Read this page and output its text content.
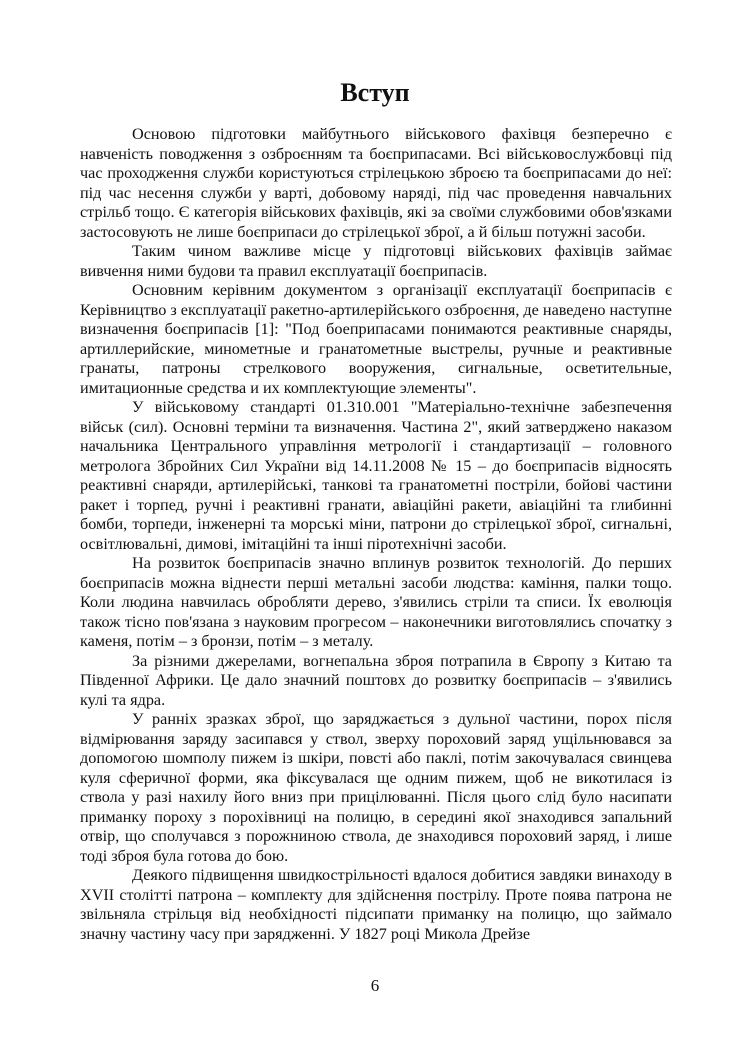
Вступ

Основою підготовки майбутнього військового фахівця безперечно є навченість поводження з озброєнням та боєприпасами. Всі військовослужбовці під час проходження служби користуються стрілецькою зброєю та боєприпасами до неї: під час несення служби у варті, добовому наряді, під час проведення навчальних стрільб тощо. Є категорія військових фахівців, які за своїми службовими обов'язками застосовують не лише боєприпаси до стрілецької зброї, а й більш потужні засоби.

Таким чином важливе місце у підготовці військових фахівців займає вивчення ними будови та правил експлуатації боєприпасів.

Основним керівним документом з організації експлуатації боєприпасів є Керівництво з експлуатації ракетно-артилерійського озброєння, де наведено наступне визначення боєприпасів [1]: "Под боеприпасами понимаются реактивные снаряды, артиллерийские, минометные и гранатометные выстрелы, ручные и реактивные гранаты, патроны стрелкового вооружения, сигнальные, осветительные, имитационные средства и их комплектующие элементы".

У військовому стандарті 01.310.001 "Матеріально-технічне забезпечення військ (сил). Основні терміни та визначення. Частина 2", який затверджено наказом начальника Центрального управління метрології і стандартизації – головного метролога Збройних Сил України від 14.11.2008 № 15 – до боєприпасів відносять реактивні снаряди, артилерійські, танкові та гранатометні постріли, бойові частини ракет і торпед, ручні і реактивні гранати, авіаційні ракети, авіаційні та глибинні бомби, торпеди, інженерні та морські міни, патрони до стрілецької зброї, сигнальні, освітлювальні, димові, імітаційні та інші піротехнічні засоби.

На розвиток боєприпасів значно вплинув розвиток технологій. До перших боєприпасів можна віднести перші метальні засоби людства: каміння, палки тощо. Коли людина навчилась обробляти дерево, з'явились стріли та списи. Їх еволюція також тісно пов'язана з науковим прогресом – наконечники виготовлялись спочатку з каменя, потім – з бронзи, потім – з металу.

За різними джерелами, вогнепальна зброя потрапила в Європу з Китаю та Південної Африки. Це дало значний поштовх до розвитку боєприпасів – з'явились кулі та ядра.

У ранніх зразках зброї, що заряджається з дульної частини, порох після відмірювання заряду засипався у ствол, зверху пороховий заряд ущільнювався за допомогою шомполу пижем із шкіри, повсті або паклі, потім закочувалася свинцева куля сферичної форми, яка фіксувалася ще одним пижем, щоб не викотилася із ствола у разі нахилу його вниз при прицілюванні. Після цього слід було насипати приманку пороху з порохівниці на полицю, в середині якої знаходився запальний отвір, що сполучався з порожниною ствола, де знаходився пороховий заряд, і лише тоді зброя була готова до бою.

Деякого підвищення швидкострільності вдалося добитися завдяки винаходу в XVII столітті патрона – комплекту для здійснення пострілу. Проте поява патрона не звільняла стрільця від необхідності підсипати приманку на полицю, що займало значну частину часу при зарядженні. У 1827 році Микола Дрейзе

6
